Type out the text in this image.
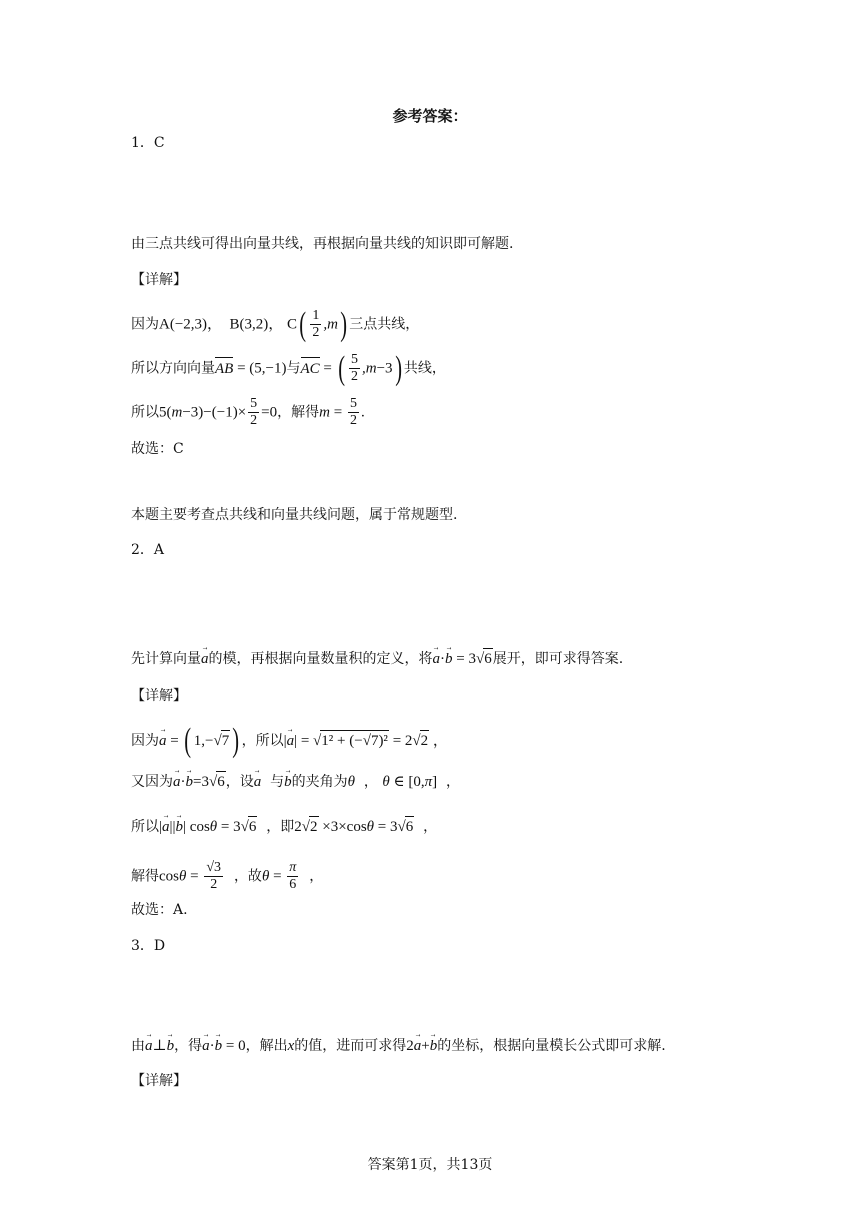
参考答案：
1．C
由三点共线可得出向量共线，再根据向量共线的知识即可解题.
【详解】
因为A(−2,3)，  B(3,2)， $C( \frac{1}{2} ,m)$ 三点共线，
所以方向向量AB = (5,−1)与AC = ( $\frac{5}{2} ,m-3$) 共线，
所以$5(m-3)-(-1)\times \frac{5}{2} =0$，解得$m = \frac{5}{2}$ .
故选：C
本题主要考查点共线和向量共线问题，属于常规题型.
2．A
先计算向量→ a的模，再根据向量数量积的定义，将→ a·→ b = 3√6展开，即可求得答案.
【详解】
因为→ a = ( 1,−√7) ，所以|→ a| = √1² + (−√7)² = 2√2 ，
又因为→ a·→ b=3√6，设→ a 与→ b的夹角为θ  ， θ ∈ [0,π]  ，
所以|→ a||→ b| cosθ = 3√6 ，即2√2 ×3×cosθ = 3√6  ，
解得$\cos\theta = \frac{√3}{2}$ ，故$\theta = \frac{\pi}{6}$ ，
故选：A.
3．D
由→ a⊥→ b，得→ a·→ b = 0，解出x的值，进而可求得2→ a+→ b的坐标，根据向量模长公式即可求解.
【详解】
答案第1页，共13页
